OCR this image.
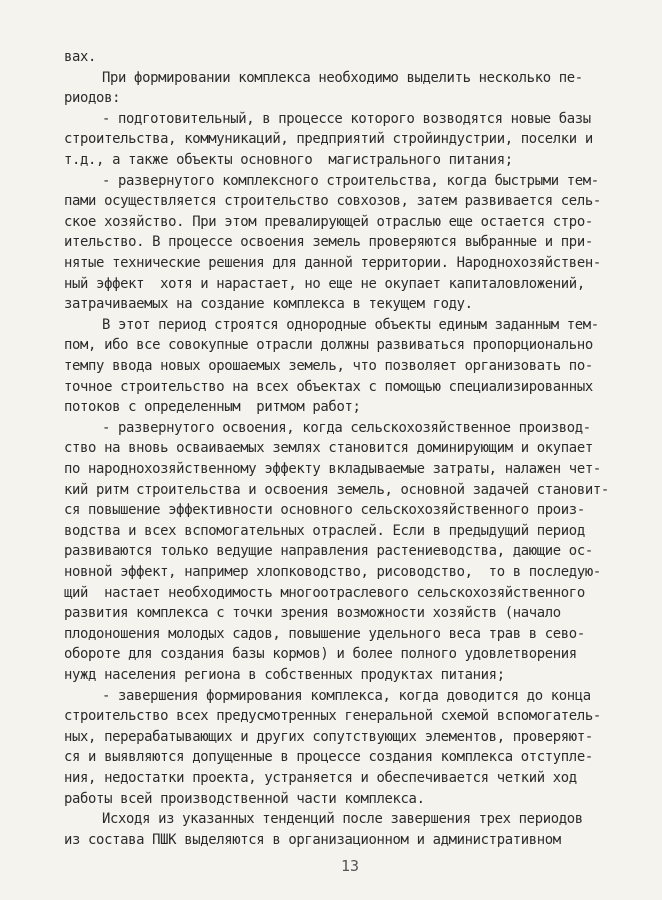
вах.
При формировании комплекса необходимо выделить несколько пе-
риодов:
- подготовительный, в процессе которого возводятся новые базы
строительства, коммуникаций, предприятий стройиндустрии, поселки и
т.д., а также объекты основного  магистрального питания;
- развернутого комплексного строительства, когда быстрыми тем-
пами осуществляется строительство совхозов, затем развивается сель-
ское хозяйство. При этом превалирующей отраслью еще остается стро-
ительство. В процессе освоения земель проверяются выбранные и при-
нятые технические решения для данной территории. Народнохозяйствен-
ный эффект  хотя и нарастает, но еще не окупает капиталовложений,
затрачиваемых на создание комплекса в текущем году.
В этот период строятся однородные объекты единым заданным тем-
пом, ибо все совокупные отрасли должны развиваться пропорционально
темпу ввода новых орошаемых земель, что позволяет организовать по-
точное строительство на всех объектах с помощью специализированных
потоков с определенным  ритмом работ;
- развернутого освоения, когда сельскохозяйственное производ-
ство на вновь осваиваемых землях становится доминирующим и окупает
по народнохозяйственному эффекту вкладываемые затраты, налажен чет-
кий ритм строительства и освоения земель, основной задачей становит-
ся повышение эффективности основного сельскохозяйственного произ-
водства и всех вспомогательных отраслей. Если в предыдущий период
развиваются только ведущие направления растениеводства, дающие ос-
новной эффект, например хлопководство, рисоводство,  то в последую-
щий  настает необходимость многоотраслевого сельскохозяйственного
развития комплекса с точки зрения возможности хозяйств (начало
плодоношения молодых садов, повышение удельного веса трав в сево-
обороте для создания базы кормов) и более полного удовлетворения
нужд населения региона в собственных продуктах питания;
- завершения формирования комплекса, когда доводится до конца
строительство всех предусмотренных генеральной схемой вспомогатель-
ных, перерабатывающих и других сопутствующих элементов, проверяют-
ся и выявляются допущенные в процессе создания комплекса отступле-
ния, недостатки проекта, устраняется и обеспечивается четкий ход
работы всей производственной части комплекса.
Исходя из указанных тенденций после завершения трех периодов
из состава ПШК выделяются в организационном и административном
13
